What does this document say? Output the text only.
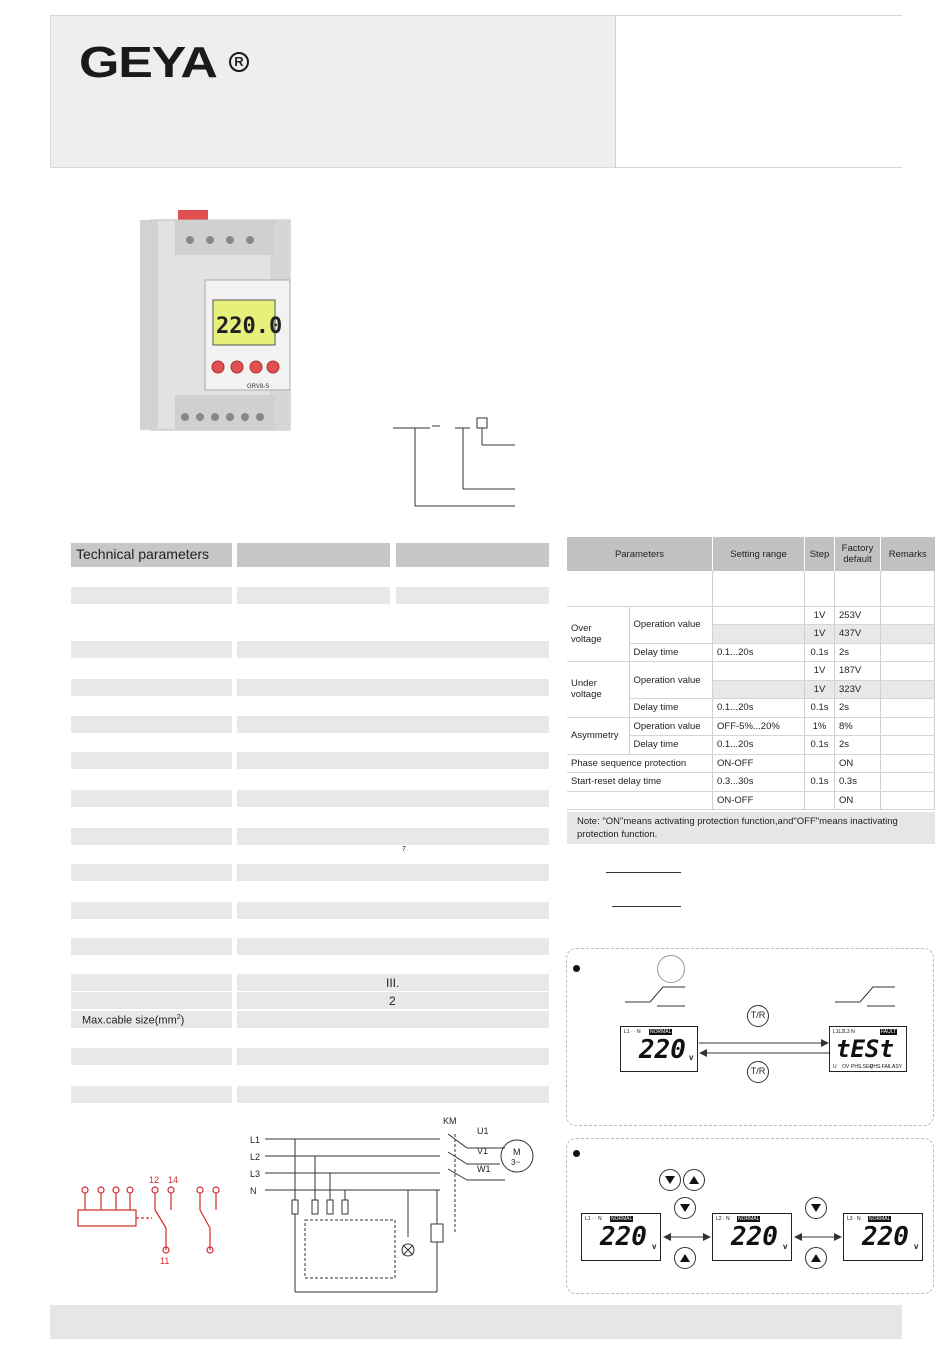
GEYA	R
220.0
GRV8-S
Technical parameters
7
III.
2
Max.cable $size(mm^2)$
Parameters		Setting range	Step	Factory default	Remarks

Over voltage	Operation value		1V	253V	
			1V	437V	
	Delay time	0.1...20s	0.1s	2s	
Under voltage	Operation value		1V	187V	
			1V	323V	
	Delay time	0.1...20s	0.1s	2s	
Asymmetry	Operation value	OFF-5%...20%	1%	8%	
	Delay time	0.1...20s	0.1s	2s	
Phase sequence protection		ON-OFF		ON	
Start-reset delay time		0.3...30s	0.1s	0.3s	
		ON-OFF		ON	
Note: "ON"means activating protection function,and"OFF"means inactivating protection function.
L1 · · N NORMAL
220 v
L1L2L3 N	FAULT
tESt
U OV PHS.SEQ
PHS.FAIL ASY
T/R
T/R
L1 · · N NORMAL
220 v
L2 · N NORMAL
220 v
L3 · N NORMAL
220 v
12 14
11
L1
L2
L3
N
KM
U1
V1
W1
M
3~
